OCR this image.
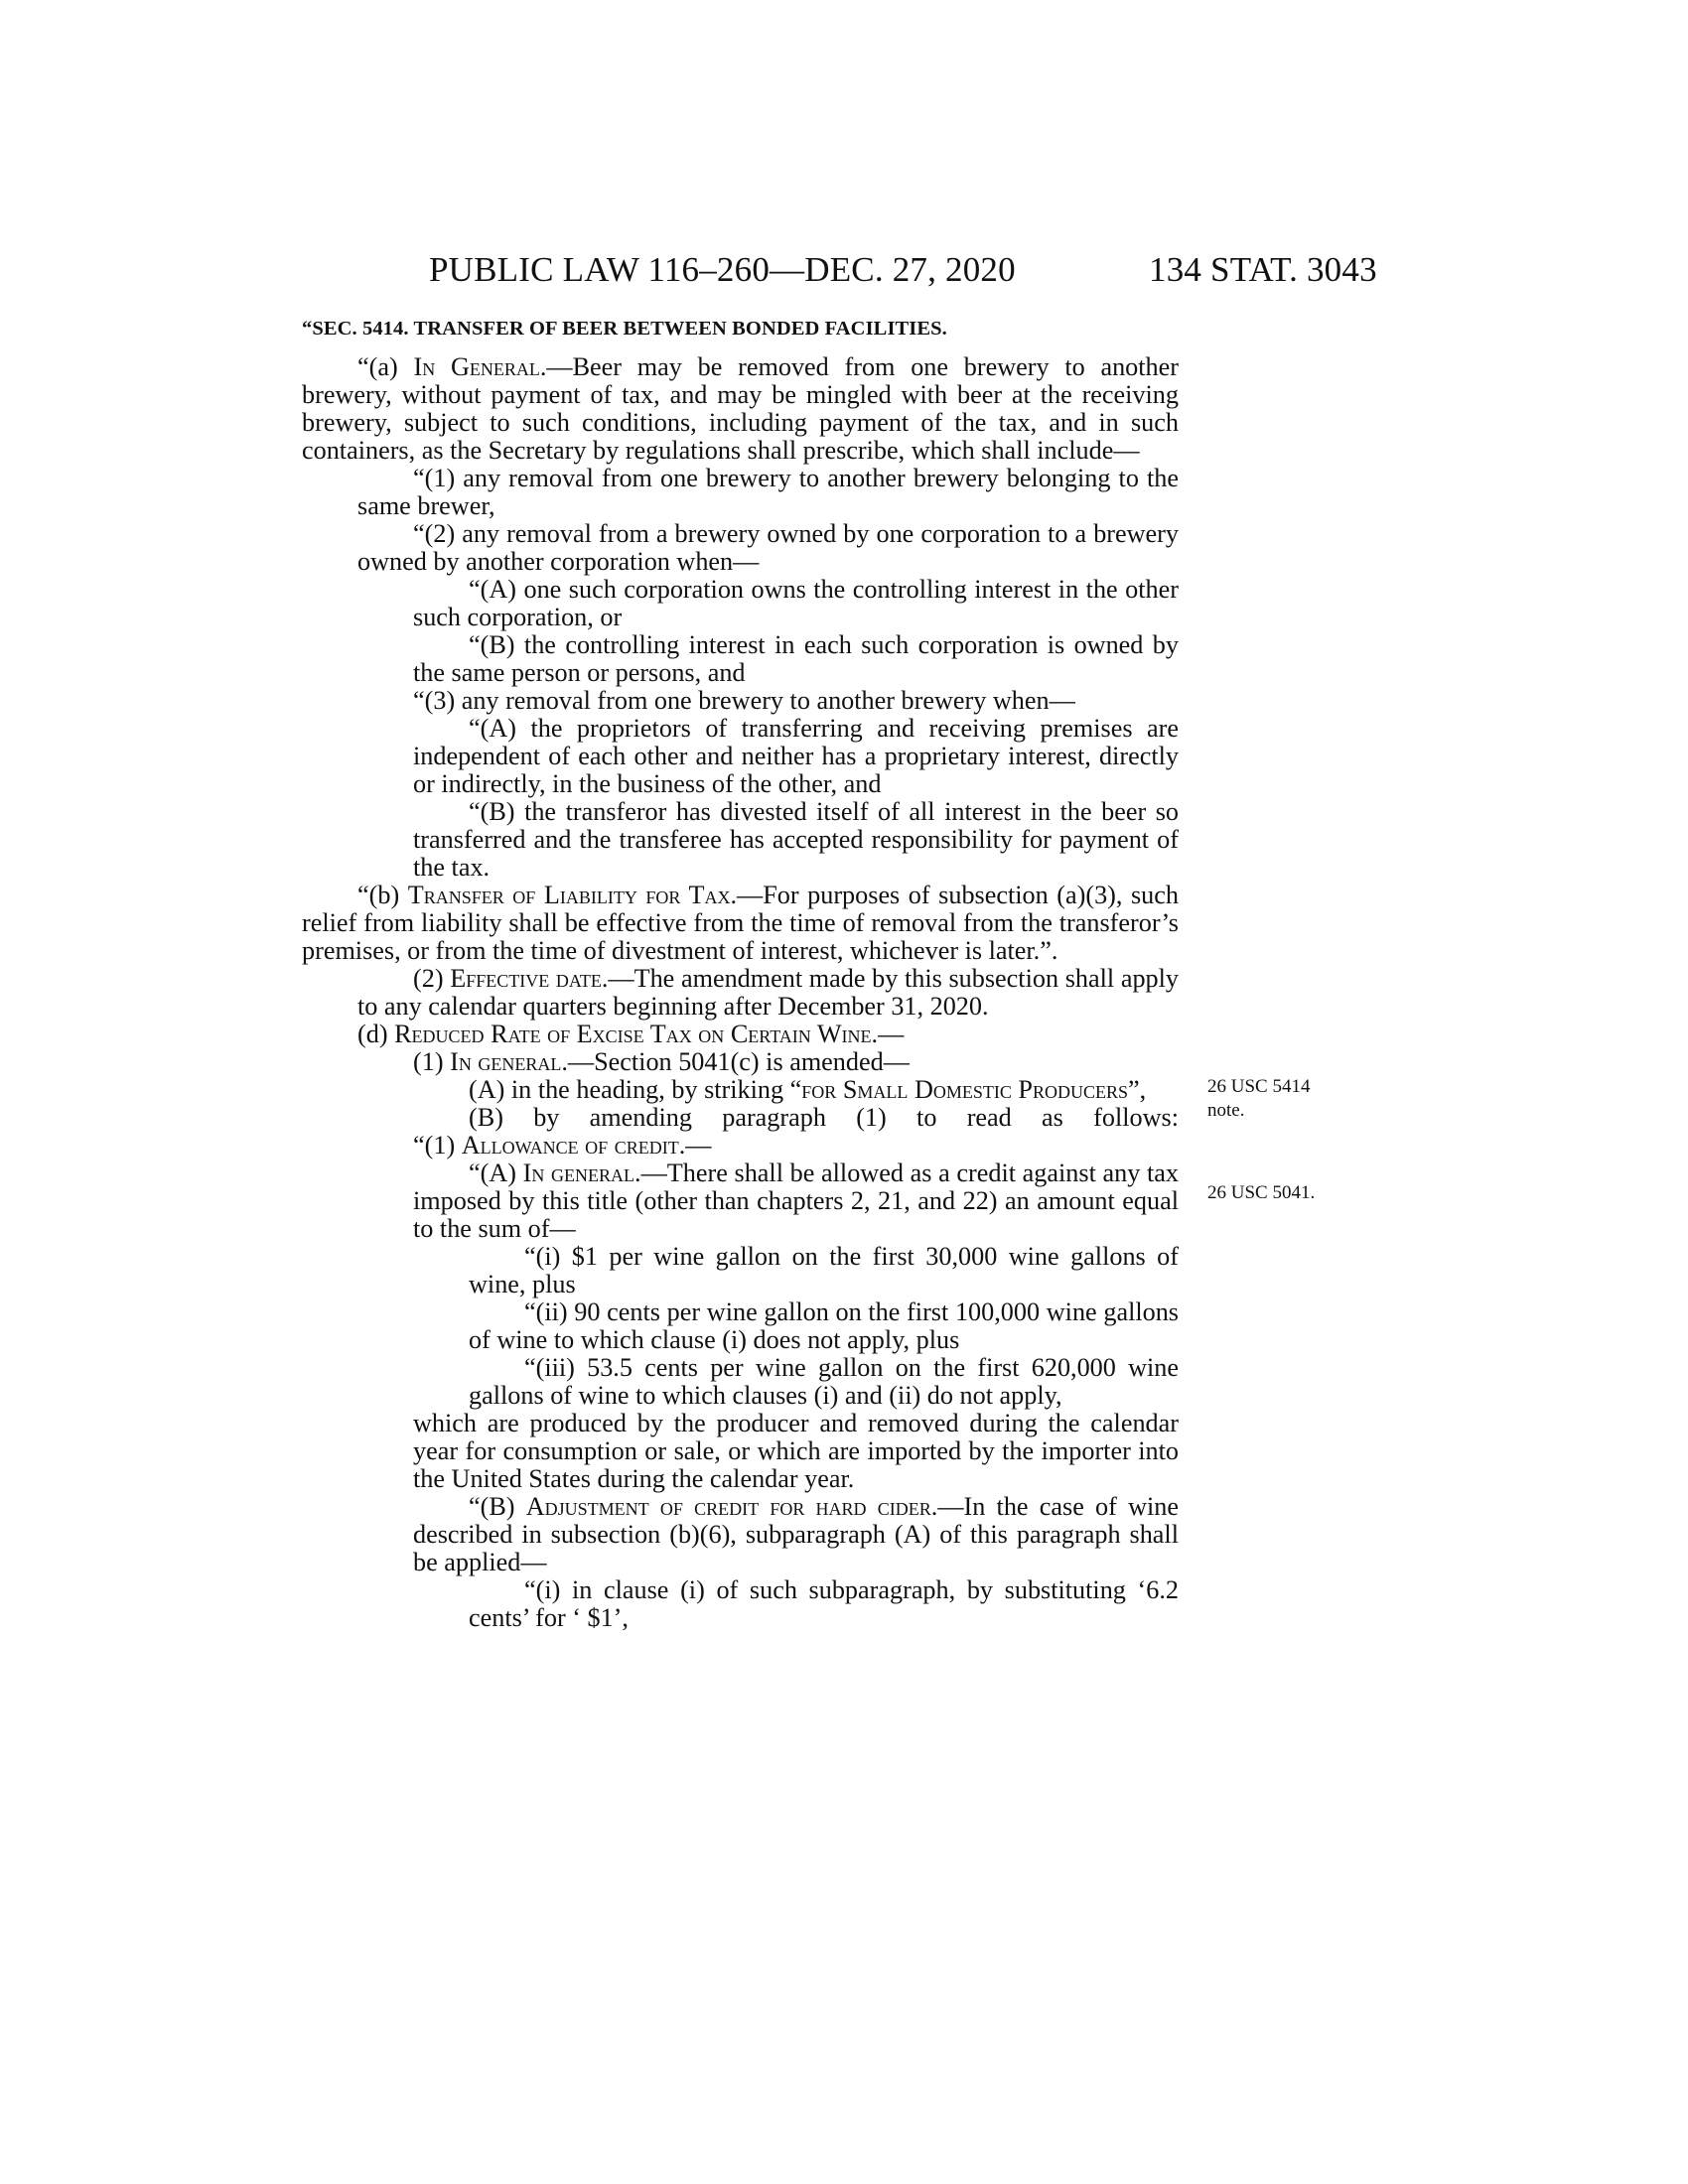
PUBLIC LAW 116–260—DEC. 27, 2020	134 STAT. 3043
“SEC. 5414. TRANSFER OF BEER BETWEEN BONDED FACILITIES.

“(a) In General.—Beer may be removed from one brewery to another brewery, without payment of tax, and may be mingled with beer at the receiving brewery, subject to such conditions, including payment of the tax, and in such containers, as the Secretary by regulations shall prescribe, which shall include—

“(1) any removal from one brewery to another brewery belonging to the same brewer,

“(2) any removal from a brewery owned by one corporation to a brewery owned by another corporation when—

“(A) one such corporation owns the controlling interest in the other such corporation, or

“(B) the controlling interest in each such corporation is owned by the same person or persons, and

“(3) any removal from one brewery to another brewery when—

“(A) the proprietors of transferring and receiving premises are independent of each other and neither has a proprietary interest, directly or indirectly, in the business of the other, and

“(B) the transferor has divested itself of all interest in the beer so transferred and the transferee has accepted responsibility for payment of the tax.

“(b) Transfer of Liability for Tax.—For purposes of subsection (a)(3), such relief from liability shall be effective from the time of removal from the transferor’s premises, or from the time of divestment of interest, whichever is later.”.

(2) Effective date.—The amendment made by this subsection shall apply to any calendar quarters beginning after December 31, 2020.

(d) Reduced Rate of Excise Tax on Certain Wine.—

(1) In general.—Section 5041(c) is amended—

(A) in the heading, by striking “for Small Domestic Producers”,

(B) by amending paragraph (1) to read as follows:

“(1) Allowance of credit.—

“(A) In general.—There shall be allowed as a credit against any tax imposed by this title (other than chapters 2, 21, and 22) an amount equal to the sum of—

“(i) $1 per wine gallon on the first 30,000 wine gallons of wine, plus

“(ii) 90 cents per wine gallon on the first 100,000 wine gallons of wine to which clause (i) does not apply, plus

“(iii) 53.5 cents per wine gallon on the first 620,000 wine gallons of wine to which clauses (i) and (ii) do not apply,

which are produced by the producer and removed during the calendar year for consumption or sale, or which are imported by the importer into the United States during the calendar year.

“(B) Adjustment of credit for hard cider.—In the case of wine described in subsection (b)(6), subparagraph (A) of this paragraph shall be applied—

“(i) in clause (i) of such subparagraph, by substituting ‘6.2 cents’ for ‘ $1’,

26 USC 5414
note.
26 USC 5041.
